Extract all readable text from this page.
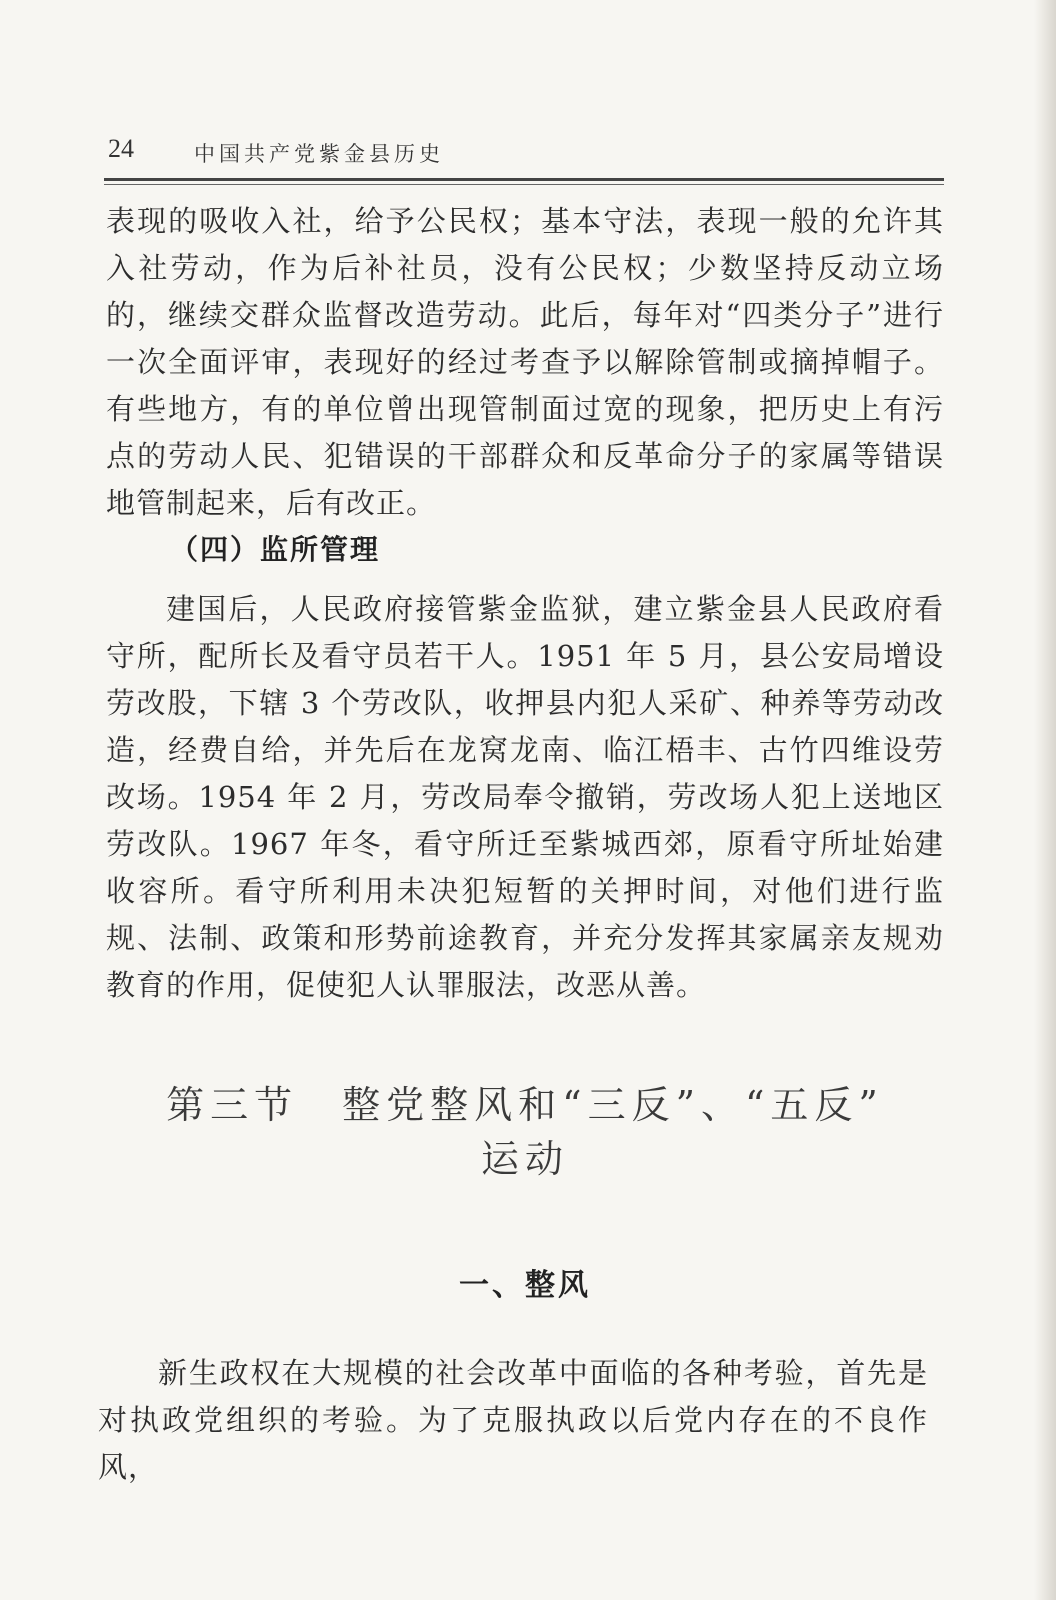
24	中国共产党紫金县历史

表现的吸收入社，给予公民权；基本守法，表现一般的允许其入社劳动，作为后补社员，没有公民权；少数坚持反动立场的，继续交群众监督改造劳动。此后，每年对“四类分子”进行一次全面评审，表现好的经过考查予以解除管制或摘掉帽子。有些地方，有的单位曾出现管制面过宽的现象，把历史上有污点的劳动人民、犯错误的干部群众和反革命分子的家属等错误地管制起来，后有改正。

（四）监所管理

建国后，人民政府接管紫金监狱，建立紫金县人民政府看守所，配所长及看守员若干人。1951 年 5 月，县公安局增设劳改股，下辖 3 个劳改队，收押县内犯人采矿、种养等劳动改造，经费自给，并先后在龙窝龙南、临江梧丰、古竹四维设劳改场。1954 年 2 月，劳改局奉令撤销，劳改场人犯上送地区劳改队。1967 年冬，看守所迁至紫城西郊，原看守所址始建收容所。看守所利用未决犯短暂的关押时间，对他们进行监规、法制、政策和形势前途教育，并充分发挥其家属亲友规劝教育的作用，促使犯人认罪服法，改恶从善。

第三节　整党整风和“三反”、“五反”
运动
一、整风

新生政权在大规模的社会改革中面临的各种考验，首先是对执政党组织的考验。为了克服执政以后党内存在的不良作风，
